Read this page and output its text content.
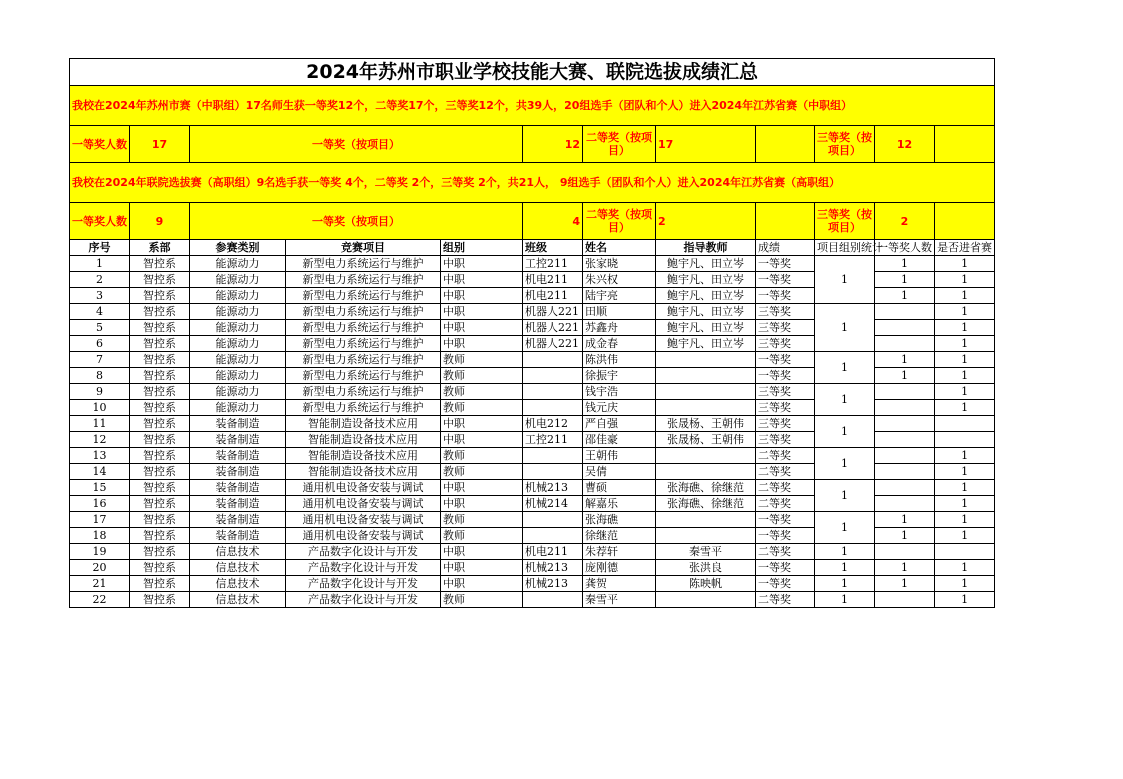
2024年苏州市职业学校技能大赛、联院选拔成绩汇总											
我校在2024年苏州市赛（中职组）17名师生获一等奖12个，二等奖17个，三等奖12个，共39人，20组选手（团队和个人）进入2024年江苏省赛（中职组）											
一等奖人数	17	一等奖（按项目）			12	二等奖（按项目）	17		三等奖（按项目）	12	
我校在2024年联院选拔赛（高职组）9名选手获一等奖 4个，二等奖 2个，三等奖 2个，共21人， 9组选手（团队和个人）进入2024年江苏省赛（高职组）											
一等奖人数	9	一等奖（按项目）			4	二等奖（按项目）	2		三等奖（按项目）	2	
序号	系部	参赛类别	竞赛项目	组别	班级	姓名	指导教师	成绩	项目组别统计	一等奖人数	是否进省赛
1	智控系	能源动力	新型电力系统运行与维护	中职	工控211	张家晓	鲍宇凡、田立岑	一等奖	1	1	1
2	智控系	能源动力	新型电力系统运行与维护	中职	机电211	朱兴权	鲍宇凡、田立岑	一等奖		1	1
3	智控系	能源动力	新型电力系统运行与维护	中职	机电211	陆宇亮	鲍宇凡、田立岑	一等奖		1	1
4	智控系	能源动力	新型电力系统运行与维护	中职	机器人221	田顺	鲍宇凡、田立岑	三等奖	1		1
5	智控系	能源动力	新型电力系统运行与维护	中职	机器人221	苏鑫舟	鲍宇凡、田立岑	三等奖			1
6	智控系	能源动力	新型电力系统运行与维护	中职	机器人221	成金春	鲍宇凡、田立岑	三等奖			1
7	智控系	能源动力	新型电力系统运行与维护	教师		陈洪伟		一等奖	1	1	1
8	智控系	能源动力	新型电力系统运行与维护	教师		徐振宇		一等奖		1	1
9	智控系	能源动力	新型电力系统运行与维护	教师		钱宇浩		三等奖	1		1
10	智控系	能源动力	新型电力系统运行与维护	教师		钱元庆		三等奖			1
11	智控系	装备制造	智能制造设备技术应用	中职	机电212	严自强	张晟杨、王朝伟	三等奖	1		
12	智控系	装备制造	智能制造设备技术应用	中职	工控211	邵佳豪	张晟杨、王朝伟	三等奖			
13	智控系	装备制造	智能制造设备技术应用	教师		王朝伟		二等奖	1		1
14	智控系	装备制造	智能制造设备技术应用	教师		吴倩		二等奖			1
15	智控系	装备制造	通用机电设备安装与调试	中职	机械213	曹硕	张海礁、徐继范	二等奖	1		1
16	智控系	装备制造	通用机电设备安装与调试	中职	机械214	解嘉乐	张海礁、徐继范	二等奖			1
17	智控系	装备制造	通用机电设备安装与调试	教师		张海礁		一等奖	1	1	1
18	智控系	装备制造	通用机电设备安装与调试	教师		徐继范		一等奖		1	1
19	智控系	信息技术	产品数字化设计与开发	中职	机电211	朱荐轩	秦雪平	二等奖	1		
20	智控系	信息技术	产品数字化设计与开发	中职	机械213	庞刚德	张洪良	一等奖	1	1	1
21	智控系	信息技术	产品数字化设计与开发	中职	机械213	龚贺	陈映帆	一等奖	1	1	1
22	智控系	信息技术	产品数字化设计与开发	教师		秦雪平		二等奖	1		1
